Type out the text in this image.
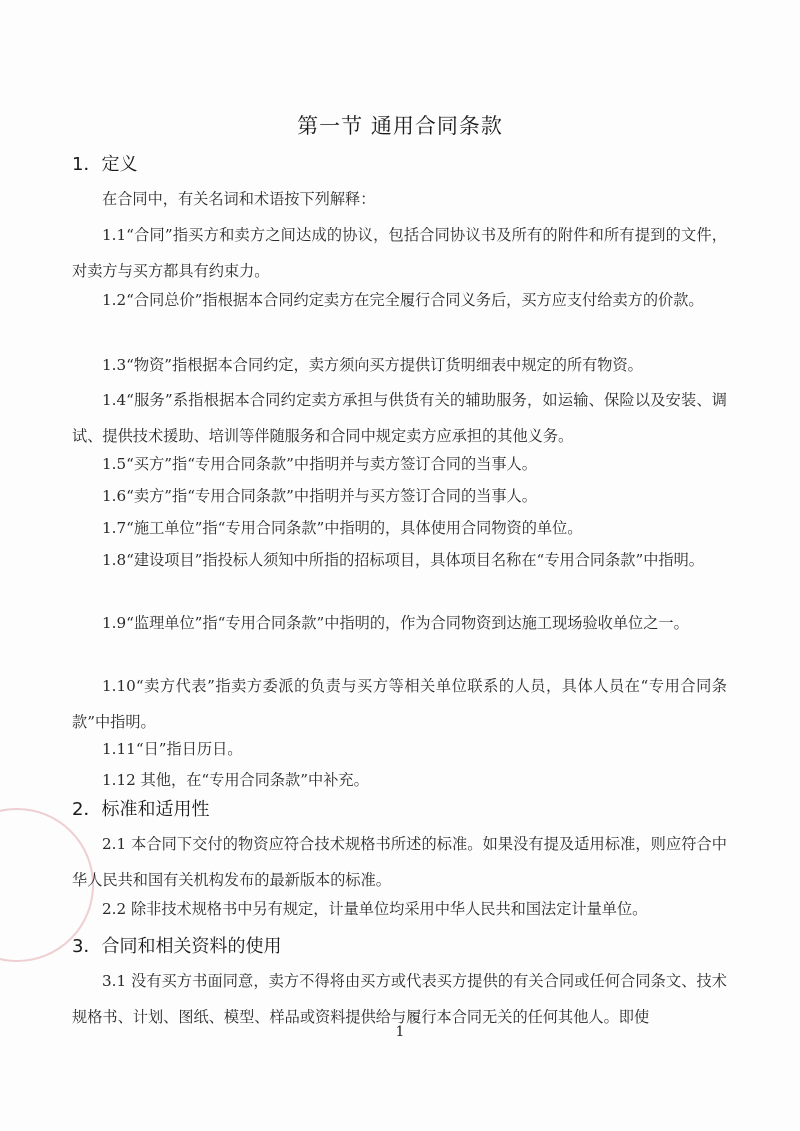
第一节 通用合同条款
1．定义
在合同中，有关名词和术语按下列解释：
1.1“合同”指买方和卖方之间达成的协议，包括合同协议书及所有的附件和所有提到的文件，对卖方与买方都具有约束力。
1.2“合同总价”指根据本合同约定卖方在完全履行合同义务后，买方应支付给卖方的价款。
1.3“物资”指根据本合同约定，卖方须向买方提供订货明细表中规定的所有物资。
1.4“服务”系指根据本合同约定卖方承担与供货有关的辅助服务，如运输、保险以及安装、调试、提供技术援助、培训等伴随服务和合同中规定卖方应承担的其他义务。
1.5“买方”指“专用合同条款”中指明并与卖方签订合同的当事人。
1.6“卖方”指“专用合同条款”中指明并与买方签订合同的当事人。
1.7“施工单位”指“专用合同条款”中指明的，具体使用合同物资的单位。
1.8“建设项目”指投标人须知中所指的招标项目，具体项目名称在“专用合同条款”中指明。
1.9“监理单位”指“专用合同条款”中指明的，作为合同物资到达施工现场验收单位之一。
1.10“卖方代表”指卖方委派的负责与买方等相关单位联系的人员，具体人员在“专用合同条款”中指明。
1.11“日”指日历日。
1.12 其他，在“专用合同条款”中补充。
2．标准和适用性
2.1 本合同下交付的物资应符合技术规格书所述的标准。如果没有提及适用标准，则应符合中华人民共和国有关机构发布的最新版本的标准。
2.2 除非技术规格书中另有规定，计量单位均采用中华人民共和国法定计量单位。
3．合同和相关资料的使用
3.1 没有买方书面同意，卖方不得将由买方或代表买方提供的有关合同或任何合同条文、技术规格书、计划、图纸、模型、样品或资料提供给与履行本合同无关的任何其他人。即使
1
